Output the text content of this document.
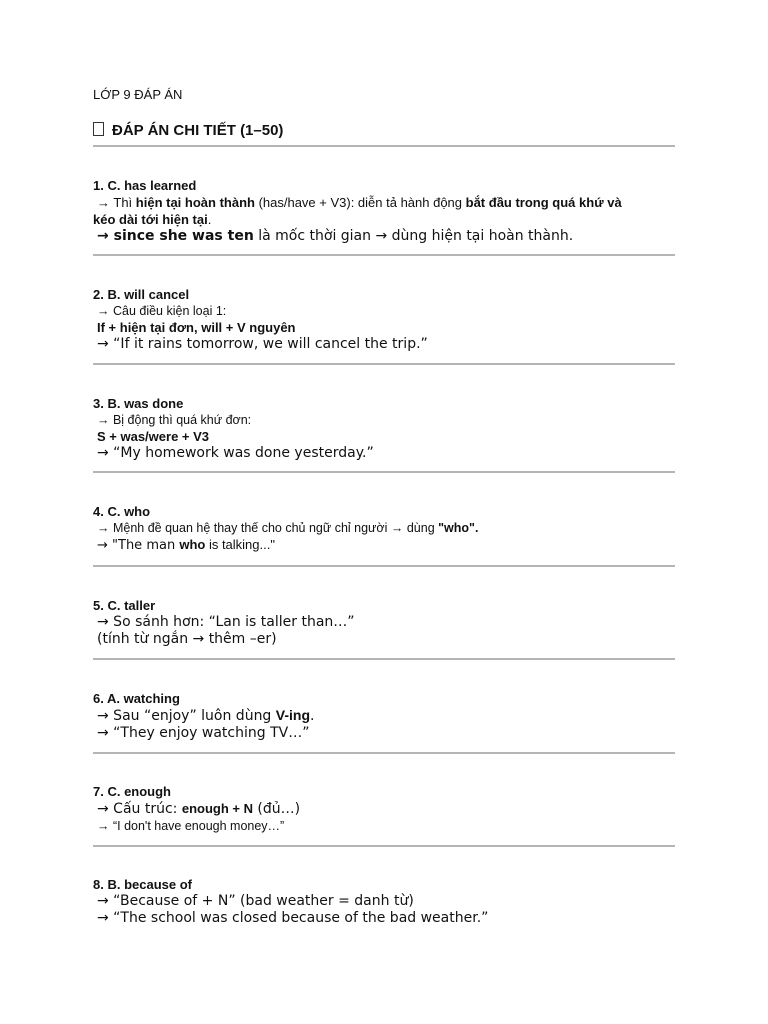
LỚP 9 ĐÁP ÁN
ĐÁP ÁN CHI TIẾT (1–50)
1. C. has learned
→ Thì hiện tại hoàn thành (has/have + V3): diễn tả hành động bắt đầu trong quá khứ và
kéo dài tới hiện tại.
→ since she was ten là mốc thời gian → dùng hiện tại hoàn thành.
2. B. will cancel
→ Câu điều kiện loại 1:
If + hiện tại đơn, will + V nguyên
→ “If it rains tomorrow, we will cancel the trip.”
3. B. was done
→ Bị động thì quá khứ đơn:
S + was/were + V3
→ “My homework was done yesterday.”
4. C. who
→ Mệnh đề quan hệ thay thế cho chủ ngữ chỉ người → dùng "who".
→ "The man who is talking..."
5. C. taller
→ So sánh hơn: “Lan is taller than…”
(tính từ ngắn → thêm –er)
6. A. watching
→ Sau “enjoy” luôn dùng V-ing.
→ “They enjoy watching TV…”
7. C. enough
→ Cấu trúc: enough + N (đủ…)
→ “I don't have enough money…”
8. B. because of
→ “Because of + N” (bad weather = danh từ)
→ “The school was closed because of the bad weather.”
